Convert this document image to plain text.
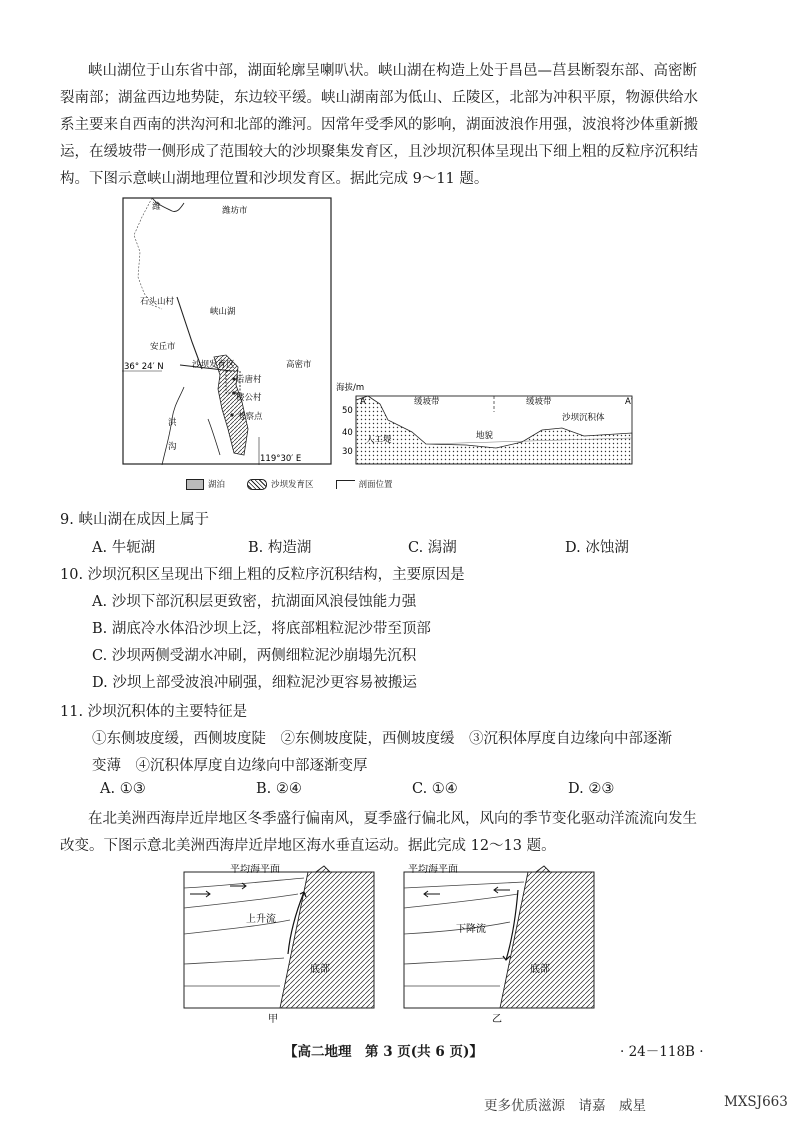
峡山湖位于山东省中部，湖面轮廓呈喇叭状。峡山湖在构造上处于昌邑—莒县断裂东部、高密断裂南部；湖盆西边地势陡，东边较平缓。峡山湖南部为低山、丘陵区，北部为冲积平原，物源供给水系主要来自西南的洪沟河和北部的潍河。因常年受季风的影响，湖面波浪作用强，波浪将沙体重新搬运，在缓坡带一侧形成了范围较大的沙坝聚集发育区，且沙坝沉积体呈现出下细上粗的反粒序沉积结构。下图示意峡山湖地理位置和沙坝发育区。据此完成 9～11 题。

潍	潍坊市
石头山村
峡山湖
安丘市
36° 24′ N	沙坝发育区	高密市
后唐村
楼公村
考察点
洪
沟
119°30′ E
海拔/m
50
40
30
缓坡带	缓坡带	A′
A
人工堤	地貌
沙坝沉积体
湖泊	沙坝发育区	剖面位置
9. 峡山湖在成因上属于
A. 牛轭湖	B. 构造湖	C. 潟湖	D. 冰蚀湖
10. 沙坝沉积区呈现出下细上粗的反粒序沉积结构，主要原因是
A. 沙坝下部沉积层更致密，抗湖面风浪侵蚀能力强
B. 湖底冷水体沿沙坝上泛，将底部粗粒泥沙带至顶部
C. 沙坝两侧受湖水冲刷，两侧细粒泥沙崩塌先沉积
D. 沙坝上部受波浪冲刷强，细粒泥沙更容易被搬运
11. 沙坝沉积体的主要特征是
①东侧坡度缓，西侧坡度陡　②东侧坡度陡，西侧坡度缓　③沉积体厚度自边缘向中部逐渐
变薄　④沉积体厚度自边缘向中部逐渐变厚
A. ①③	B. ②④	C. ①④	D. ②③

在北美洲西海岸近岸地区冬季盛行偏南风，夏季盛行偏北风，风向的季节变化驱动洋流流向发生改变。下图示意北美洲西海岸近岸地区海水垂直运动。据此完成 12～13 题。

平均海平面
上升流
底部
甲
平均海平面
下降流
底部
乙
【高二地理　第 3 页(共 6 页)】	· 24－118B ·
更多优质滋源　请嘉　威星	MXSJ663
